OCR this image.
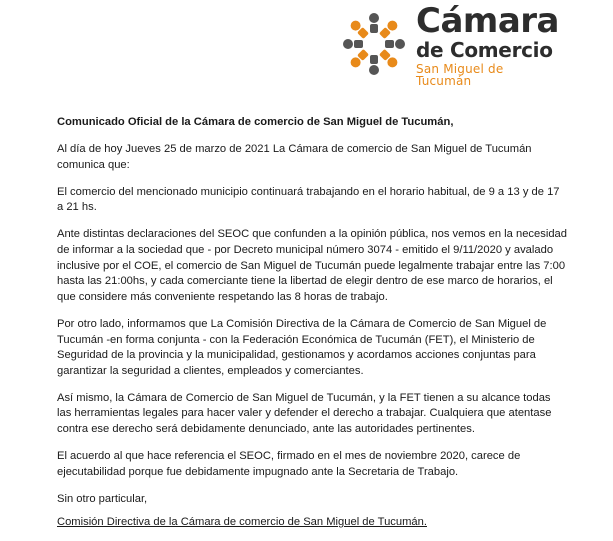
Cámara
de Comercio
San Miguel de Tucumán

Comunicado Oficial de la Cámara de comercio de San Miguel de Tucumán,

Al día de hoy Jueves 25 de marzo de 2021 La Cámara de comercio de San Miguel de Tucumán comunica que:

El comercio del mencionado municipio continuará trabajando en el horario habitual, de 9 a 13 y de 17 a 21 hs.

Ante distintas declaraciones del SEOC que confunden a la opinión pública, nos vemos en la necesidad de informar a la sociedad que - por Decreto municipal número 3074 - emitido el 9/11/2020 y avalado inclusive por el COE, el comercio de San Miguel de Tucumán puede legalmente trabajar entre las 7:00 hasta las 21:00hs, y cada comerciante tiene la libertad de elegir dentro de ese marco de horarios, el que considere más conveniente respetando las 8 horas de trabajo.

Por otro lado, informamos que La Comisión Directiva de la Cámara de Comercio de San Miguel de Tucumán -en forma conjunta - con la Federación Económica de Tucumán (FET), el Ministerio de Seguridad de la provincia y la municipalidad, gestionamos y acordamos acciones conjuntas para garantizar la seguridad a clientes, empleados y comerciantes.

Así mismo, la Cámara de Comercio de San Miguel de Tucumán, y la FET tienen a su alcance todas las herramientas legales para hacer valer y defender el derecho a trabajar. Cualquiera que atentase contra ese derecho será debidamente denunciado, ante las autoridades pertinentes.

El acuerdo al que hace referencia el SEOC, firmado en el mes de noviembre 2020, carece de ejecutabilidad porque fue debidamente impugnado ante la Secretaria de Trabajo.

Sin otro particular,

Comisión Directiva de la Cámara de comercio de San Miguel de Tucumán.
